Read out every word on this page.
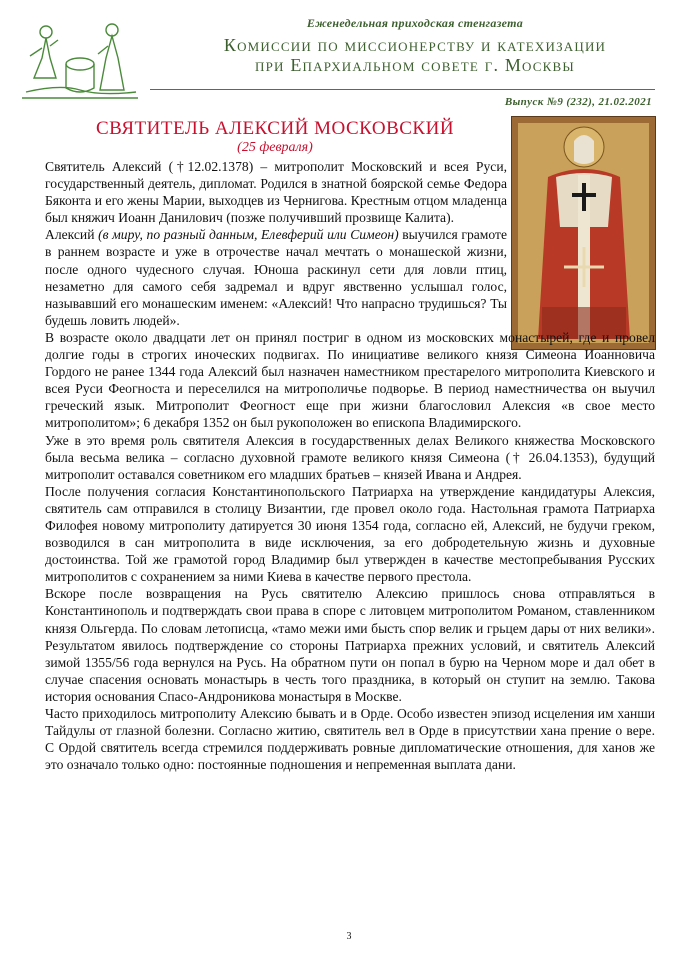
Еженедельная приходская стенгазета
Комиссии по миссионерству и катехизации
при Епархиальном совете г. Москвы
Выпуск №9 (232), 21.02.2021
СВЯТИТЕЛЬ АЛЕКСИЙ МОСКОВСКИЙ
(25 февраля)

Святитель Алексий (†12.02.1378) – митрополит Московский и всея Руси, государственный деятель, дипломат. Родился в знатной боярской семье Федора Бяконта и его жены Марии, выходцев из Чернигова. Крестным отцом младенца был княжич Иоанн Данилович (позже получивший прозвище Калита).

Алексий (в миру, по разный данным, Елевферий или Симеон) выучился грамоте в раннем возрасте и уже в отрочестве начал мечтать о монашеской жизни, после одного чудесного случая. Юноша раскинул сети для ловли птиц, незаметно для самого себя задремал и вдруг явственно услышал голос, называвший его монашеским именем: «Алексий! Что напрасно трудишься? Ты будешь ловить людей».

В возрасте около двадцати лет он принял постриг в одном из московских монастырей, где и провел долгие годы в строгих иноческих подвигах. По инициативе великого князя Симеона Иоанновича Гордого не ранее 1344 года Алексий был назначен наместником престарелого митрополита Киевского и всея Руси Феогноста и переселился на митрополичье подворье. В период наместничества он выучил греческий язык. Митрополит Феогност еще при жизни благословил Алексия «в свое место митрополитом»; 6 декабря 1352 он был рукоположен во епископа Владимирского.

Уже в это время роль святителя Алексия в государственных делах Великого княжества Московского была весьма велика – согласно духовной грамоте великого князя Симеона († 26.04.1353), будущий митрополит оставался советником его младших братьев – князей Ивана и Андрея.

После получения согласия Константинопольского Патриарха на утверждение кандидатуры Алексия, святитель сам отправился в столицу Византии, где провел около года. Настольная грамота Патриарха Филофея новому митрополиту датируется 30 июня 1354 года, согласно ей, Алексий, не будучи греком, возводился в сан митрополита в виде исключения, за его добродетельную жизнь и духовные достоинства. Той же грамотой город Владимир был утвержден в качестве местопребывания Русских митрополитов с сохранением за ними Киева в качестве первого престола.

Вскоре после возвращения на Русь святителю Алексию пришлось снова отправляться в Константинополь и подтверждать свои права в споре с литовцем митрополитом Романом, ставленником князя Ольгерда. По словам летописца, «тамо межи ими бысть спор велик и грьцем дары от них велики». Результатом явилось подтверждение со стороны Патриарха прежних условий, и святитель Алексий зимой 1355/56 года вернулся на Русь. На обратном пути он попал в бурю на Черном море и дал обет в случае спасения основать монастырь в честь того праздника, в который он ступит на землю. Такова история основания Спасо-Андроникова монастыря в Москве.

Часто приходилось митрополиту Алексию бывать и в Орде. Особо известен эпизод исцеления им ханши Тайдулы от глазной болезни. Согласно житию, святитель вел в Орде в присутствии хана прение о вере. С Ордой святитель всегда стремился поддерживать ровные дипломатические отношения, для ханов же это означало только одно: постоянные подношения и непременная выплата дани.

3
